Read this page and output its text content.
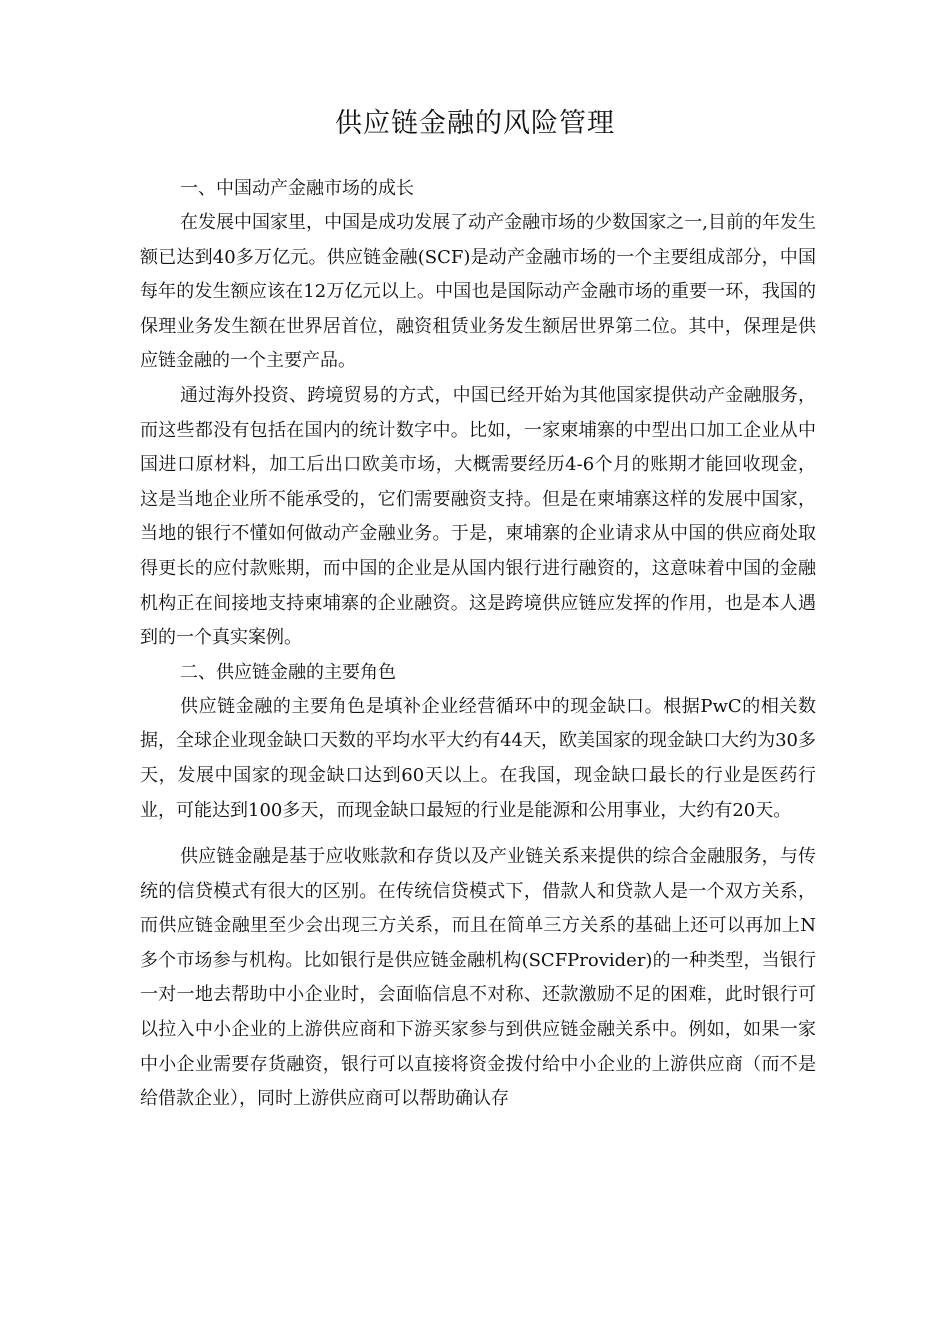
供应链金融的风险管理
一、中国动产金融市场的成长

在发展中国家里，中国是成功发展了动产金融市场的少数国家之一,目前的年发生额已达到40多万亿元。供应链金融(SCF)是动产金融市场的一个主要组成部分，中国每年的发生额应该在12万亿元以上。中国也是国际动产金融市场的重要一环，我国的保理业务发生额在世界居首位，融资租赁业务发生额居世界第二位。其中，保理是供应链金融的一个主要产品。

通过海外投资、跨境贸易的方式，中国已经开始为其他国家提供动产金融服务，而这些都没有包括在国内的统计数字中。比如，一家柬埔寨的中型出口加工企业从中国进口原材料，加工后出口欧美市场，大概需要经历4-6个月的账期才能回收现金，这是当地企业所不能承受的，它们需要融资支持。但是在柬埔寨这样的发展中国家，当地的银行不懂如何做动产金融业务。于是，柬埔寨的企业请求从中国的供应商处取得更长的应付款账期，而中国的企业是从国内银行进行融资的，这意味着中国的金融机构正在间接地支持柬埔寨的企业融资。这是跨境供应链应发挥的作用，也是本人遇到的一个真实案例。

二、供应链金融的主要角色

供应链金融的主要角色是填补企业经营循环中的现金缺口。根据PwC的相关数据，全球企业现金缺口天数的平均水平大约有44天，欧美国家的现金缺口大约为30多天，发展中国家的现金缺口达到60天以上。在我国，现金缺口最长的行业是医药行业，可能达到100多天，而现金缺口最短的行业是能源和公用事业，大约有20天。

供应链金融是基于应收账款和存货以及产业链关系来提供的综合金融服务，与传统的信贷模式有很大的区别。在传统信贷模式下，借款人和贷款人是一个双方关系，而供应链金融里至少会出现三方关系，而且在简单三方关系的基础上还可以再加上N多个市场参与机构。比如银行是供应链金融机构(SCFProvider)的一种类型，当银行一对一地去帮助中小企业时，会面临信息不对称、还款激励不足的困难，此时银行可以拉入中小企业的上游供应商和下游买家参与到供应链金融关系中。例如，如果一家中小企业需要存货融资，银行可以直接将资金拨付给中小企业的上游供应商（而不是给借款企业），同时上游供应商可以帮助确认存
